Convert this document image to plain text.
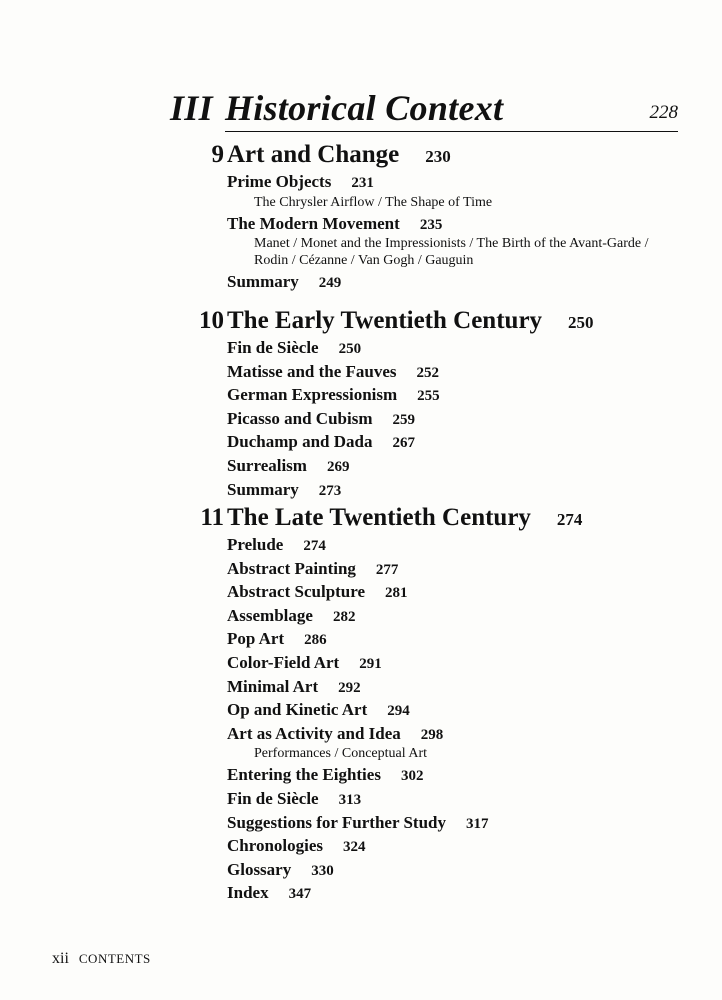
III Historical Context	228
9 Art and Change 230
Prime Objects 231
The Chrysler Airflow / The Shape of Time
The Modern Movement 235
Manet / Monet and the Impressionists / The Birth of the Avant-Garde / Rodin / Cézanne / Van Gogh / Gauguin
Summary 249
10 The Early Twentieth Century 250
Fin de Siècle 250
Matisse and the Fauves 252
German Expressionism 255
Picasso and Cubism 259
Duchamp and Dada 267
Surrealism 269
Summary 273
11 The Late Twentieth Century 274
Prelude 274
Abstract Painting 277
Abstract Sculpture 281
Assemblage 282
Pop Art 286
Color-Field Art 291
Minimal Art 292
Op and Kinetic Art 294
Art as Activity and Idea 298
Performances / Conceptual Art
Entering the Eighties 302
Fin de Siècle 313
Suggestions for Further Study 317
Chronologies 324
Glossary 330
Index 347
xii CONTENTS
